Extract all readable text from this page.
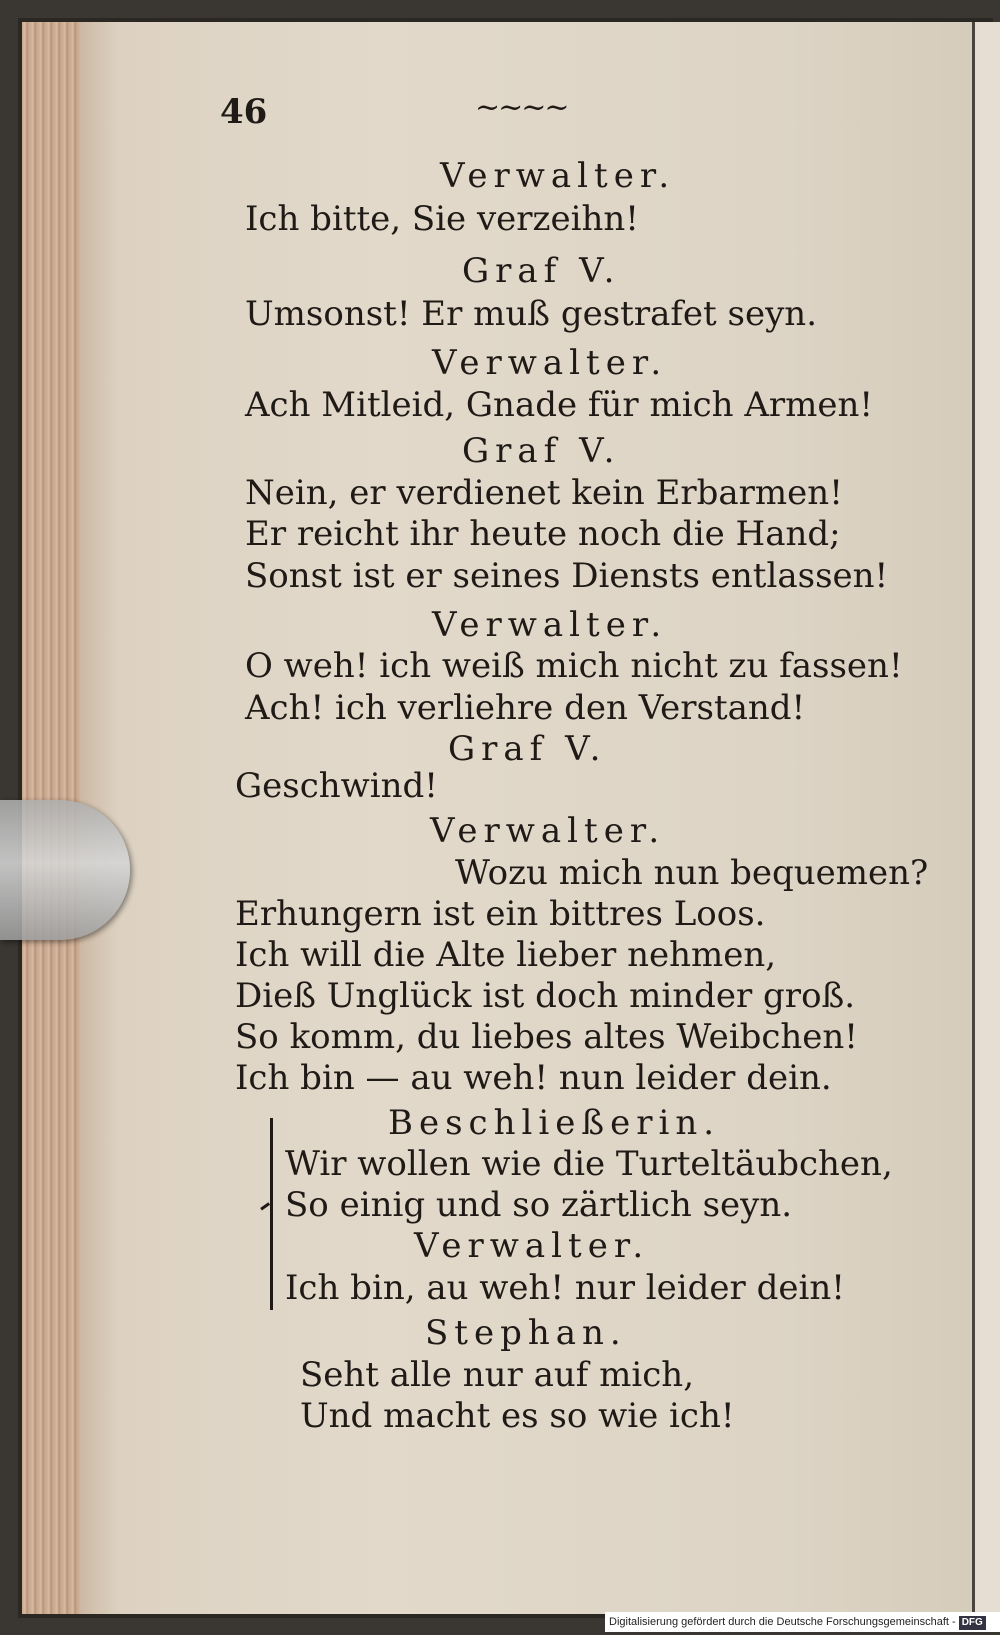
46	~~~~
Verwalter.
Ich bitte, Sie verzeihn!
Graf V.
Umsonst! Er muß gestrafet seyn.
Verwalter.
Ach Mitleid, Gnade für mich Armen!
Graf V.
Nein, er verdienet kein Erbarmen!
Er reicht ihr heute noch die Hand;
Sonst ist er seines Diensts entlassen!
Verwalter.
O weh! ich weiß mich nicht zu fassen!
Ach! ich verliehre den Verstand!
Graf V.
Geschwind!
Verwalter.
Wozu mich nun bequemen?
Erhungern ist ein bittres Loos.
Ich will die Alte lieber nehmen,
Dieß Unglück ist doch minder groß.
So komm, du liebes altes Weibchen!
Ich bin — au weh! nun leider dein.
Beschließerin.
Wir wollen wie die Turteltäubchen,
So einig und so zärtlich seyn.
Verwalter.
Ich bin, au weh! nur leider dein!
Stephan.
Seht alle nur auf mich,
Und macht es so wie ich!
Digitalisierung gefördert durch die Deutsche Forschungsgemeinschaft - DFG
